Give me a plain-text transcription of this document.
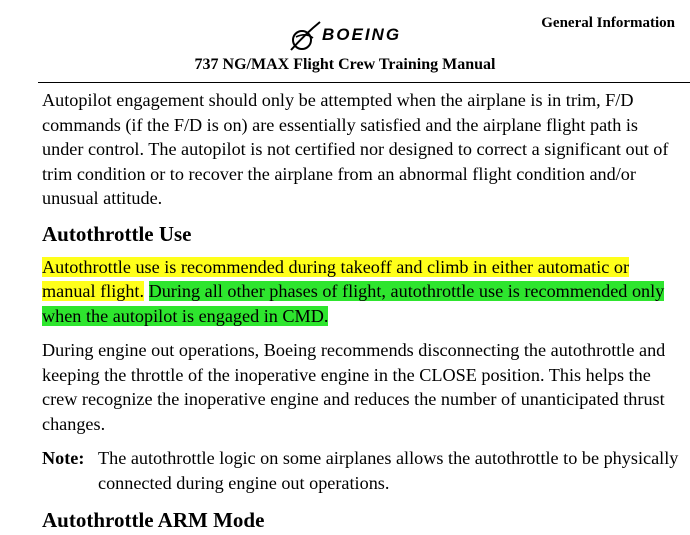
BOEING
General Information
737 NG/MAX Flight Crew Training Manual

Autopilot engagement should only be attempted when the airplane is in trim, F/D commands (if the F/D is on) are essentially satisfied and the airplane flight path is under control. The autopilot is not certified nor designed to correct a significant out of trim condition or to recover the airplane from an abnormal flight condition and/or unusual attitude.

Autothrottle Use

Autothrottle use is recommended during takeoff and climb in either automatic or manual flight. During all other phases of flight, autothrottle use is recommended only when the autopilot is engaged in CMD.

During engine out operations, Boeing recommends disconnecting the autothrottle and keeping the throttle of the inoperative engine in the CLOSE position. This helps the crew recognize the inoperative engine and reduces the number of unanticipated thrust changes.

Note: The autothrottle logic on some airplanes allows the autothrottle to be physically connected during engine out operations.
Autothrottle ARM Mode
